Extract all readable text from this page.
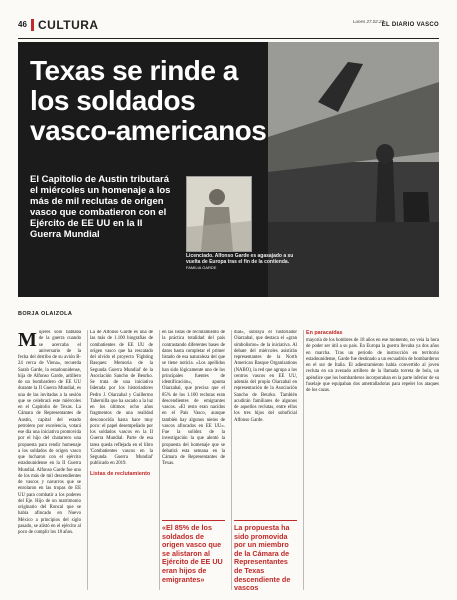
46 CULTURA	Lunes 27.02.23
EL DIARIO VASCO
Texas se rinde a los soldados vasco-americanos
El Capitolio de Austin tributará el miércoles un homenaje a los más de mil reclutas de origen vasco que combatieron con el Ejército de EE UU en la II Guerra Mundial
Licenciado. Alfonso Garde es agasajado a su vuelta de Europa tras el fin de la contienda. FAMILIA GARDE
BORJA OLAIZOLA
Mujeres solo hablaba de la guerra cuando se acercaba el aniversario de la fecha del derribo de su avión B-24 cerca de Viena», recuerda Sarah Garde, la estadounidense, hija de Alfonso Garde, artillero de un bombardero de EE UU durante la II Guerra Mundial, es una de las invitadas a la sesión que se celebrará este miércoles en el Capitolio de Texas. La Cámara de Representantes de Austin, capital del estado petrolero por excelencia, votará ese día una iniciativa promovida por el hijo del chatarrero una propuesta para rendir homenaje a los soldados de origen vasco que lucharon con el ejército estadounidense en la II Guerra Mundial. Alfonso Garde fue uno de los más de mil descendientes de vascos y navarros que se enrolaron en las tropas de EE UU para combatir a los poderes del Eje. Hijo de un matrimonio originario del Roncal que se había afincado en Nuevo México a principios del siglo pasado, se alistó en el ejército al poco de cumplir los 18 años.
La de Alfonso Garde es una de las más de 1.100 biografías de combatientes de EE UU de origen vasco que ha rescatado del olvido el proyecto 'Fighting Basques: Memoria de la Segunda Guerra Mundial' de la Asociación Sancho de Beurko. Se trata de una iniciativa liderada por los historiadores Pedro J. Oiarzabal y Guillermo Tabernilla que ha sacado a la luz en los últimos ocho años fragmentos de una realidad desconocida hasta hace muy poco: el papel desempeñado por los soldados vascos en la II Guerra Mundial. Parte de esa tarea queda reflejada en el libro 'Combatientes vascos en la Segunda Guerra Mundial' publicado en 2019.
Listas de reclutamiento
en las listas de reclutamiento de la práctica totalidad del país contrastando diferentes bases de datos hasta completar el primer listado de esa naturaleza del que se tiene noticia. «Los apellidos han sido lógicamente uno de los principales fuentes de identificación», apunta Oiarzabal, que precisa que el 85% de los 1.100 reclutas eran descendientes de emigrantes vascos. «El resto eran nacidos en el País Vasco, aunque también hay algunos nietos de vascos afincados en EE UU». Fue la solidez de la investigación la que alentó la propuesta del homenaje que se debatirá esta semana en la Cámara de Representantes de Texas.
«El 85% de los soldados de origen vasco que se alistaron al Ejército de EE UU eran hijos de emigrantes»
dial», subraya el historiador Oiarzabal, que destaca el «gran simbolismo» de la iniciativa. Al debate del miércoles asistirán representantes de la North American Basque Organizations (NABO), la red que agrupa a los centros vascos en EE UU, además del propio Oiarzabal en representación de la Asociación Sancho de Beurko. También acudirán familiares de algunos de aquellos reclutas, entre ellos los tres hijos del suboficial Alfonso Garde.
La propuesta ha sido promovida por un miembro de la Cámara de Representantes de Texas descendiente de vascos
En paracaídas
mayoría de los hombres de 18 años en ese momento, no veía la hora de poder ser útil a su país. En Europa la guerra llevaba ya dos años en marcha. Tras un periodo de instrucción en territorio estadounidense, Garde fue destinado a un escuadrón de bombarderos en el sur de Italia. El adiestramiento había convertido al joven recluta en un avezado artillero de la llamada torreta de bola, un apéndice que los bombarderos incorporaban en la parte inferior de su fuselaje que equipaban dos ametralladoras para repeler los ataques de los cazas.
